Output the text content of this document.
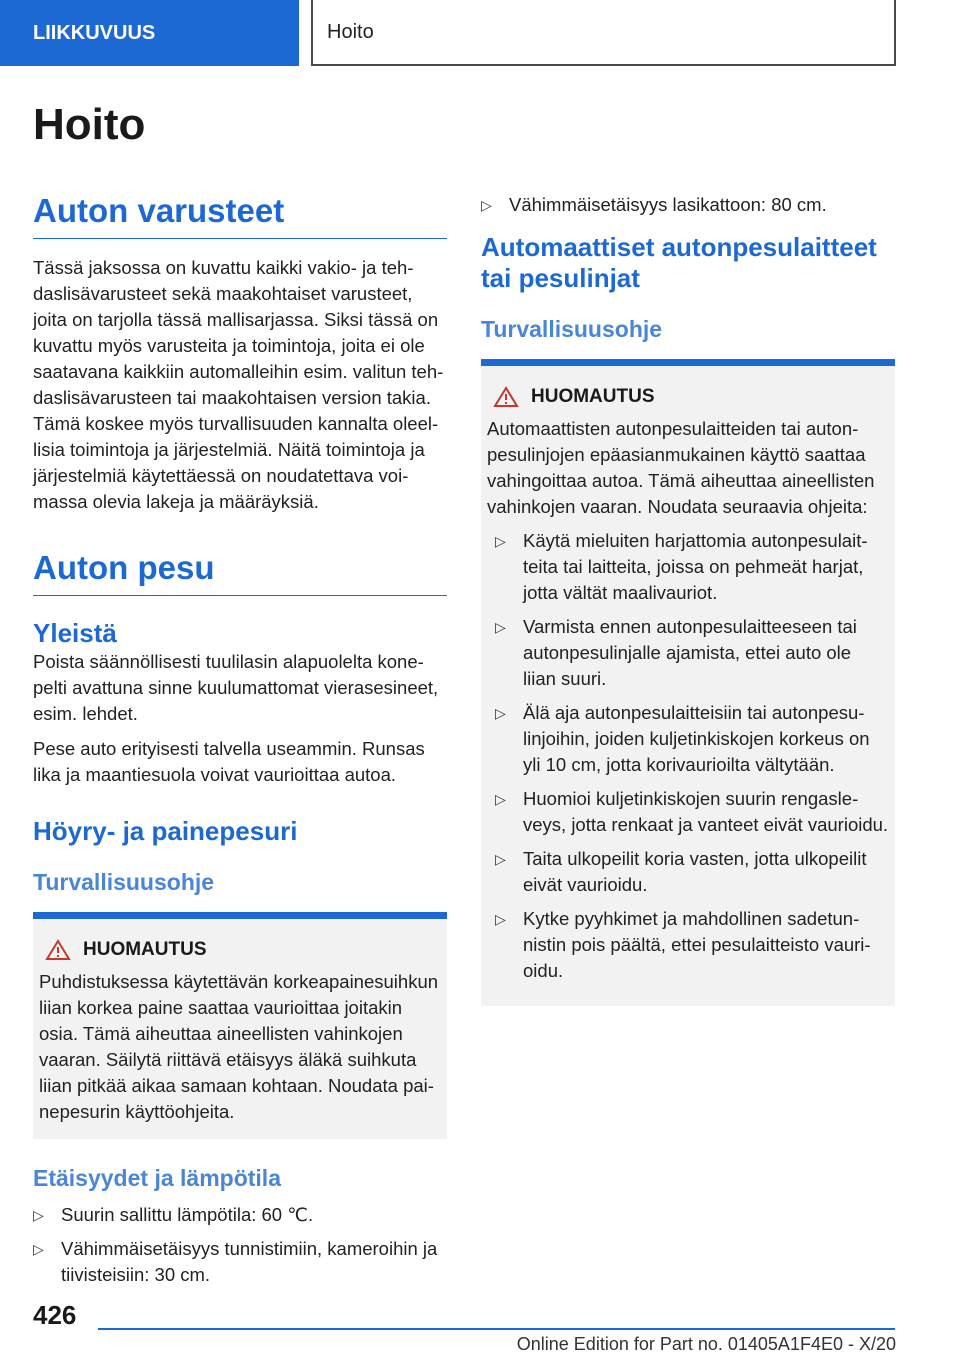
LIIKKUVUUS	Hoito
Hoito
Auton varusteet

Tässä jaksossa on kuvattu kaikki vakio- ja tehdaslisävarusteet sekä maakohtaiset varusteet, joita on tarjolla tässä mallisarjassa. Siksi tässä on kuvattu myös varusteita ja toimintoja, joita ei ole saatavana kaikkiin automalleihin esim. valitun tehdaslisävarusteen tai maakohtaisen version takia. Tämä koskee myös turvallisuuden kannalta oleellisia toimintoja ja järjestelmiä. Näitä toimintoja ja järjestelmiä käytettäessä on noudatettava voimassa olevia lakeja ja määräyksiä.

Auton pesu
Yleistä

Poista säännöllisesti tuulilasin alapuolelta konepelti avattuna sinne kuulumattomat vierasesineet, esim. lehdet.

Pese auto erityisesti talvella useammin. Runsas lika ja maantiesuola voivat vaurioittaa autoa.

Höyry- ja painepesuri
Turvallisuusohje
HUOMAUTUS
Puhdistuksessa käytettävän korkeapainesuihkun liian korkea paine saattaa vaurioittaa joitakin osia. Tämä aiheuttaa aineellisten vahinkojen vaaran. Säilytä riittävä etäisyys äläkä suihkuta liian pitkää aikaa samaan kohtaan. Noudata painepesurin käyttöohjeita.
Etäisyydet ja lämpötila
▷ Suurin sallittu lämpötila: 60 ℃.
▷ Vähimmäisetäisyys tunnistimiin, kameroihin ja tiivisteisiin: 30 cm.
▷ Vähimmäisetäisyys lasikattoon: 80 cm.
Automaattiset autonpesulaitteet tai pesulinjat
Turvallisuusohje
HUOMAUTUS
Automaattisten autonpesulaitteiden tai autonpesulinjojen epäasianmukainen käyttö saattaa vahingoittaa autoa. Tämä aiheuttaa aineellisten vahinkojen vaaran. Noudata seuraavia ohjeita:
▷ Käytä mieluiten harjattomia autonpesulaitteita tai laitteita, joissa on pehmeät harjat, jotta vältät maalivauriot.
▷ Varmista ennen autonpesulaitteeseen tai autonpesulinjalle ajamista, ettei auto ole liian suuri.
▷ Älä aja autonpesulaitteisiin tai autonpesulinjoihin, joiden kuljetinkiskojen korkeus on yli 10 cm, jotta korivaurioilta vältytään.
▷ Huomioi kuljetinkiskojen suurin rengasleveys, jotta renkaat ja vanteet eivät vaurioidu.
▷ Taita ulkopeilit koria vasten, jotta ulkopeilit eivät vaurioidu.
▷ Kytke pyyhkimet ja mahdollinen sadetunnistin pois päältä, ettei pesulaitteisto vaurioidu.
426
Online Edition for Part no. 01405A1F4E0 - X/20
